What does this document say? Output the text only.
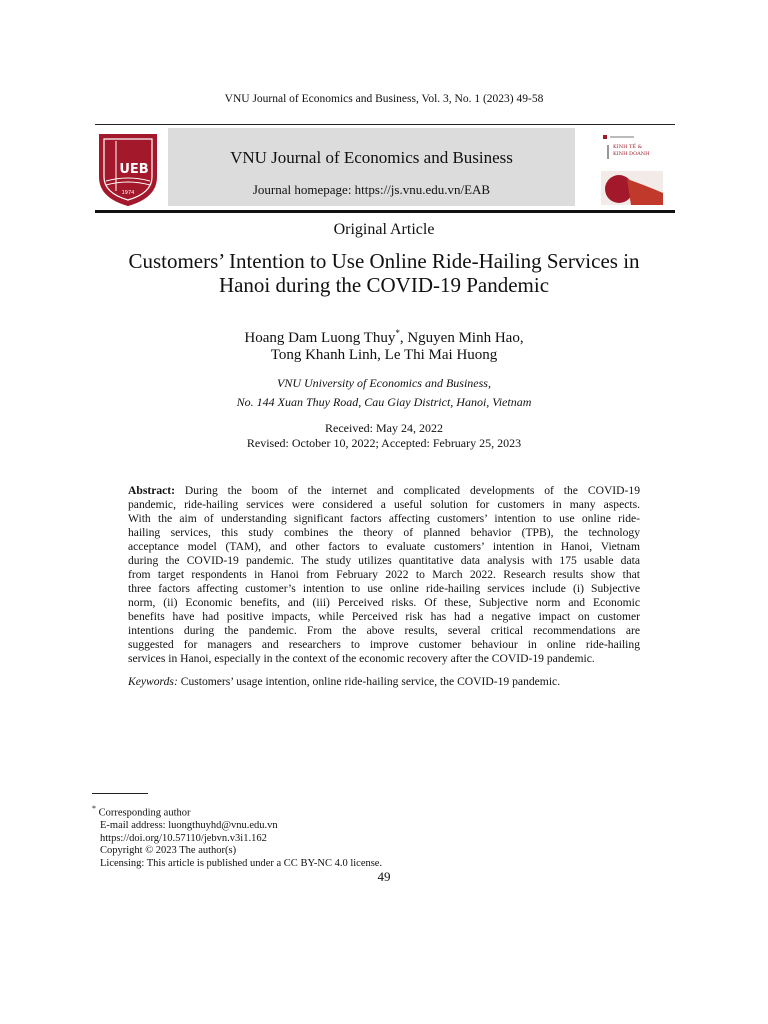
VNU Journal of Economics and Business, Vol. 3, No. 1 (2023) 49-58
UEB
1974
VNU Journal of Economics and Business
Journal homepage: https://js.vnu.edu.vn/EAB
KINH TẾ &
KINH DOANH
Original Article
Customers’ Intention to Use Online Ride-Hailing Services in
Hanoi during the COVID-19 Pandemic
Hoang Dam Luong Thuy*, Nguyen Minh Hao,
Tong Khanh Linh, Le Thi Mai Huong
VNU University of Economics and Business,
No. 144 Xuan Thuy Road, Cau Giay District, Hanoi, Vietnam
Received: May 24, 2022
Revised: October 10, 2022; Accepted: February 25, 2023
Abstract: During the boom of the internet and complicated developments of the COVID-19
pandemic, ride-hailing services were considered a useful solution for customers in many aspects.
With the aim of understanding significant factors affecting customers’ intention to use online ride-
hailing services, this study combines the theory of planned behavior (TPB), the technology
acceptance model (TAM), and other factors to evaluate customers’ intention in Hanoi, Vietnam
during the COVID-19 pandemic. The study utilizes quantitative data analysis with 175 usable data
from target respondents in Hanoi from February 2022 to March 2022. Research results show that
three factors affecting customer’s intention to use online ride-hailing services include (i) Subjective
norm, (ii) Economic benefits, and (iii) Perceived risks. Of these, Subjective norm and Economic
benefits have had positive impacts, while Perceived risk has had a negative impact on customer
intentions during the pandemic. From the above results, several critical recommendations are
suggested for managers and researchers to improve customer behaviour in online ride-hailing
services in Hanoi, especially in the context of the economic recovery after the COVID-19 pandemic.
Keywords: Customers’ usage intention, online ride-hailing service, the COVID-19 pandemic.
* Corresponding author
E-mail address: luongthuyhd@vnu.edu.vn
https://doi.org/10.57110/jebvn.v3i1.162
Copyright © 2023 The author(s)
Licensing: This article is published under a CC BY-NC 4.0 license.
49
